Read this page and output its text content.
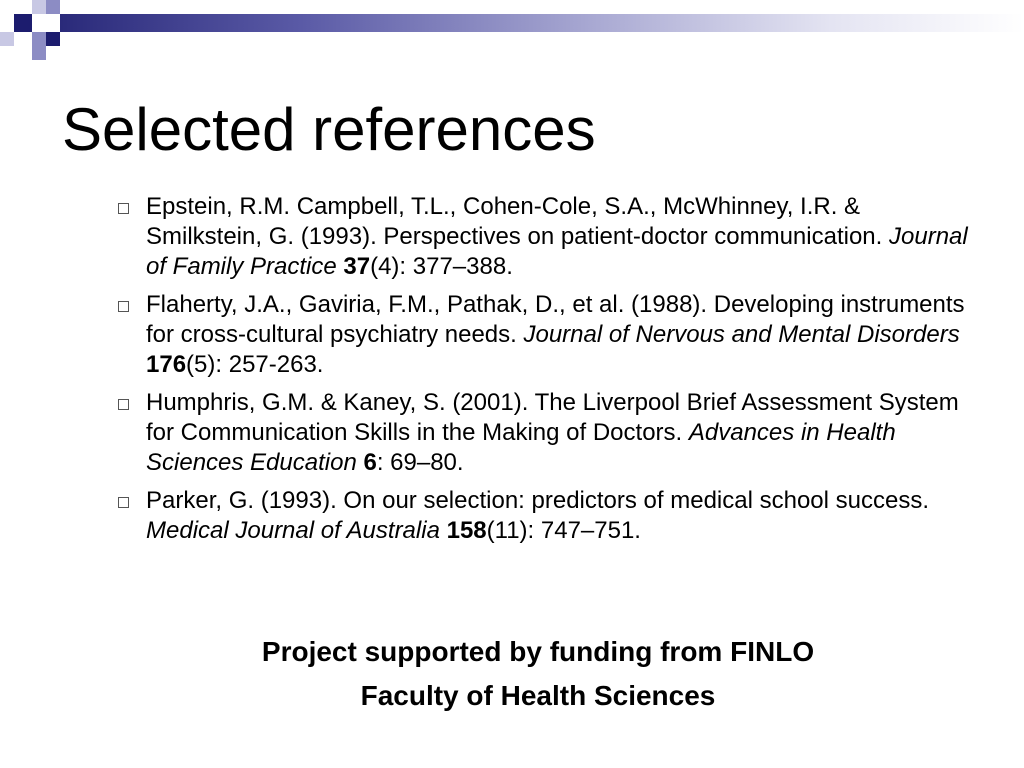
Selected references
Epstein, R.M. Campbell, T.L., Cohen-Cole, S.A., McWhinney, I.R. & Smilkstein, G. (1993). Perspectives on patient-doctor communication. Journal of Family Practice 37(4): 377–388.
Flaherty, J.A., Gaviria, F.M., Pathak, D., et al. (1988). Developing instruments for cross-cultural psychiatry needs. Journal of Nervous and Mental Disorders 176(5): 257-263.
Humphris, G.M. & Kaney, S. (2001). The Liverpool Brief Assessment System for Communication Skills in the Making of Doctors. Advances in Health Sciences Education 6: 69–80.
Parker, G. (1993). On our selection: predictors of medical school success. Medical Journal of Australia 158(11): 747–751.
Project supported by funding from FINLO
Faculty of Health Sciences
